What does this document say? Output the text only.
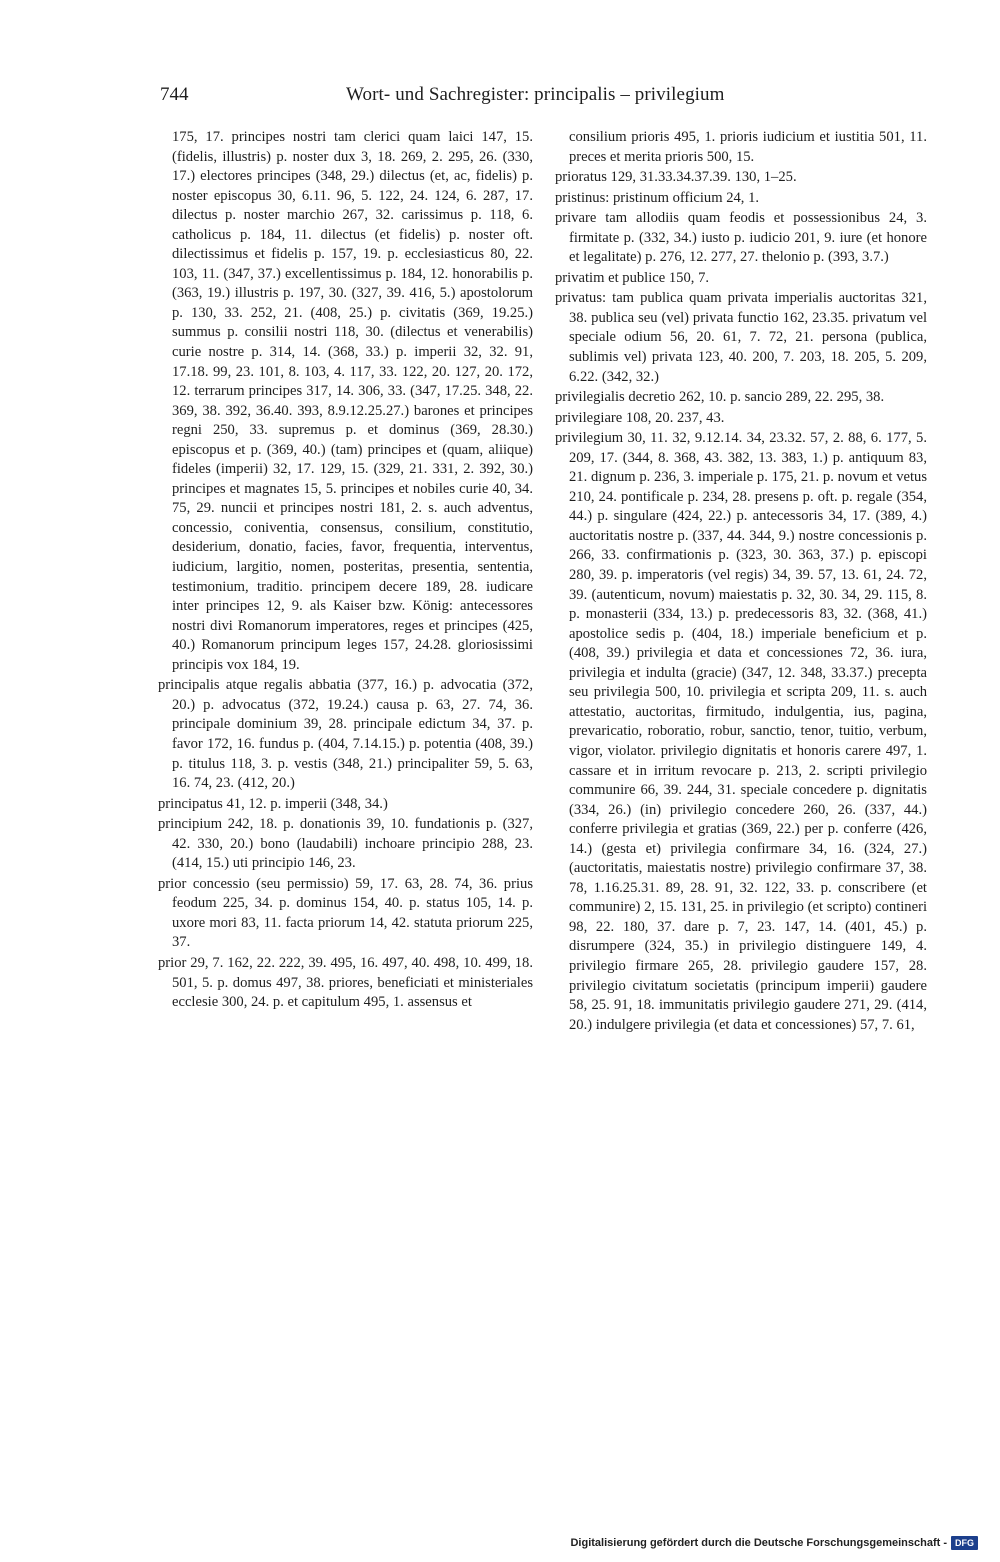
744	Wort- und Sachregister: principalis – privilegium

175, 17. principes nostri tam clerici quam laici 147, 15. (fidelis, illustris) p. noster dux 3, 18. 269, 2. 295, 26. (330, 17.) electores principes (348, 29.) dilectus (et, ac, fidelis) p. noster episcopus 30, 6.11. 96, 5. 122, 24. 124, 6. 287, 17. dilectus p. noster marchio 267, 32. carissimus p. 118, 6. catholicus p. 184, 11. dilectus (et fidelis) p. noster oft. dilectissimus et fidelis p. 157, 19. p. ecclesiasticus 80, 22. 103, 11. (347, 37.) excellentissimus p. 184, 12. honorabilis p. (363, 19.) illustris p. 197, 30. (327, 39. 416, 5.) apostolorum p. 130, 33. 252, 21. (408, 25.) p. civitatis (369, 19.25.) summus p. consilii nostri 118, 30. (dilectus et venerabilis) curie nostre p. 314, 14. (368, 33.) p. imperii 32, 32. 91, 17.18. 99, 23. 101, 8. 103, 4. 117, 33. 122, 20. 127, 20. 172, 12. terrarum principes 317, 14. 306, 33. (347, 17.25. 348, 22. 369, 38. 392, 36.40. 393, 8.9.12.25.27.) barones et principes regni 250, 33. supremus p. et dominus (369, 28.30.) episcopus et p. (369, 40.) (tam) principes et (quam, aliique) fideles (imperii) 32, 17. 129, 15. (329, 21. 331, 2. 392, 30.) principes et magnates 15, 5. principes et nobiles curie 40, 34. 75, 29. nuncii et principes nostri 181, 2. s. auch adventus, concessio, coniventia, consensus, consilium, constitutio, desiderium, donatio, facies, favor, frequentia, interventus, iudicium, largitio, nomen, posteritas, presentia, sententia, testimonium, traditio. principem decere 189, 28. iudicare inter principes 12, 9. als Kaiser bzw. König: antecessores nostri divi Romanorum imperatores, reges et principes (425, 40.) Romanorum principum leges 157, 24.28. gloriosissimi principis vox 184, 19.

principalis atque regalis abbatia (377, 16.) p. advocatia (372, 20.) p. advocatus (372, 19.24.) causa p. 63, 27. 74, 36. principale dominium 39, 28. principale edictum 34, 37. p. favor 172, 16. fundus p. (404, 7.14.15.) p. potentia (408, 39.) p. titulus 118, 3. p. vestis (348, 21.) principaliter 59, 5. 63, 16. 74, 23. (412, 20.)

principatus 41, 12. p. imperii (348, 34.)

principium 242, 18. p. donationis 39, 10. fundationis p. (327, 42. 330, 20.) bono (laudabili) inchoare principio 288, 23. (414, 15.) uti principio 146, 23.

prior concessio (seu permissio) 59, 17. 63, 28. 74, 36. prius feodum 225, 34. p. dominus 154, 40. p. status 105, 14. p. uxore mori 83, 11. facta priorum 14, 42. statuta priorum 225, 37.

prior 29, 7. 162, 22. 222, 39. 495, 16. 497, 40. 498, 10. 499, 18. 501, 5. p. domus 497, 38. priores, beneficiati et ministeriales ecclesie 300, 24. p. et capitulum 495, 1. assensus et

consilium prioris 495, 1. prioris iudicium et iustitia 501, 11. preces et merita prioris 500, 15.

prioratus 129, 31.33.34.37.39. 130, 1–25.

pristinus: pristinum officium 24, 1.

privare tam allodiis quam feodis et possessionibus 24, 3. firmitate p. (332, 34.) iusto p. iudicio 201, 9. iure (et honore et legalitate) p. 276, 12. 277, 27. thelonio p. (393, 3.7.)

privatim et publice 150, 7.

privatus: tam publica quam privata imperialis auctoritas 321, 38. publica seu (vel) privata functio 162, 23.35. privatum vel speciale odium 56, 20. 61, 7. 72, 21. persona (publica, sublimis vel) privata 123, 40. 200, 7. 203, 18. 205, 5. 209, 6.22. (342, 32.)

privilegialis decretio 262, 10. p. sancio 289, 22. 295, 38.

privilegiare 108, 20. 237, 43.

privilegium 30, 11. 32, 9.12.14. 34, 23.32. 57, 2. 88, 6. 177, 5. 209, 17. (344, 8. 368, 43. 382, 13. 383, 1.) p. antiquum 83, 21. dignum p. 236, 3. imperiale p. 175, 21. p. novum et vetus 210, 24. pontificale p. 234, 28. presens p. oft. p. regale (354, 44.) p. singulare (424, 22.) p. antecessoris 34, 17. (389, 4.) auctoritatis nostre p. (337, 44. 344, 9.) nostre concessionis p. 266, 33. confirmationis p. (323, 30. 363, 37.) p. episcopi 280, 39. p. imperatoris (vel regis) 34, 39. 57, 13. 61, 24. 72, 39. (autenticum, novum) maiestatis p. 32, 30. 34, 29. 115, 8. p. monasterii (334, 13.) p. predecessoris 83, 32. (368, 41.) apostolice sedis p. (404, 18.) imperiale beneficium et p. (408, 39.) privilegia et data et concessiones 72, 36. iura, privilegia et indulta (gracie) (347, 12. 348, 33.37.) precepta seu privilegia 500, 10. privilegia et scripta 209, 11. s. auch attestatio, auctoritas, firmitudo, indulgentia, ius, pagina, prevaricatio, roboratio, robur, sanctio, tenor, tuitio, verbum, vigor, violator. privilegio dignitatis et honoris carere 497, 1. cassare et in irritum revocare p. 213, 2. scripti privilegio communire 66, 39. 244, 31. speciale concedere p. dignitatis (334, 26.) (in) privilegio concedere 260, 26. (337, 44.) conferre privilegia et gratias (369, 22.) per p. conferre (426, 14.) (gesta et) privilegia confirmare 34, 16. (324, 27.) (auctoritatis, maiestatis nostre) privilegio confirmare 37, 38. 78, 1.16.25.31. 89, 28. 91, 32. 122, 33. p. conscribere (et communire) 2, 15. 131, 25. in privilegio (et scripto) contineri 98, 22. 180, 37. dare p. 7, 23. 147, 14. (401, 45.) p. disrumpere (324, 35.) in privilegio distinguere 149, 4. privilegio firmare 265, 28. privilegio gaudere 157, 28. privilegio civitatum societatis (principum imperii) gaudere 58, 25. 91, 18. immunitatis privilegio gaudere 271, 29. (414, 20.) indulgere privilegia (et data et concessiones) 57, 7. 61,

Digitalisierung gefördert durch die Deutsche Forschungsgemeinschaft - DFG
